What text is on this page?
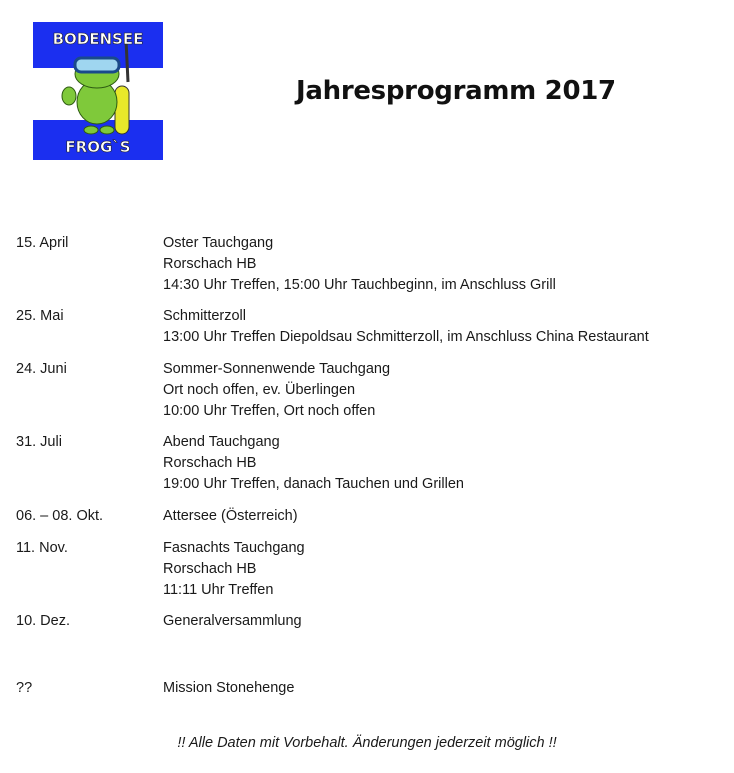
BODENSEE
FROG`S
Jahresprogramm 2017
15. April	Oster Tauchgang
Rorschach HB
14:30 Uhr Treffen, 15:00 Uhr Tauchbeginn, im Anschluss Grill
25. Mai	Schmitterzoll
13:00 Uhr Treffen Diepoldsau Schmitterzoll, im Anschluss China Restaurant
24. Juni	Sommer-Sonnenwende Tauchgang
Ort noch offen, ev. Überlingen
10:00 Uhr Treffen, Ort noch offen
31. Juli	Abend Tauchgang
Rorschach HB
19:00 Uhr Treffen, danach Tauchen und Grillen
06. – 08. Okt.	Attersee (Österreich)
11. Nov.	Fasnachts Tauchgang
Rorschach HB
11:11 Uhr Treffen
10. Dez.	Generalversammlung
??	Mission Stonehenge
!! Alle Daten mit Vorbehalt. Änderungen jederzeit möglich !!
